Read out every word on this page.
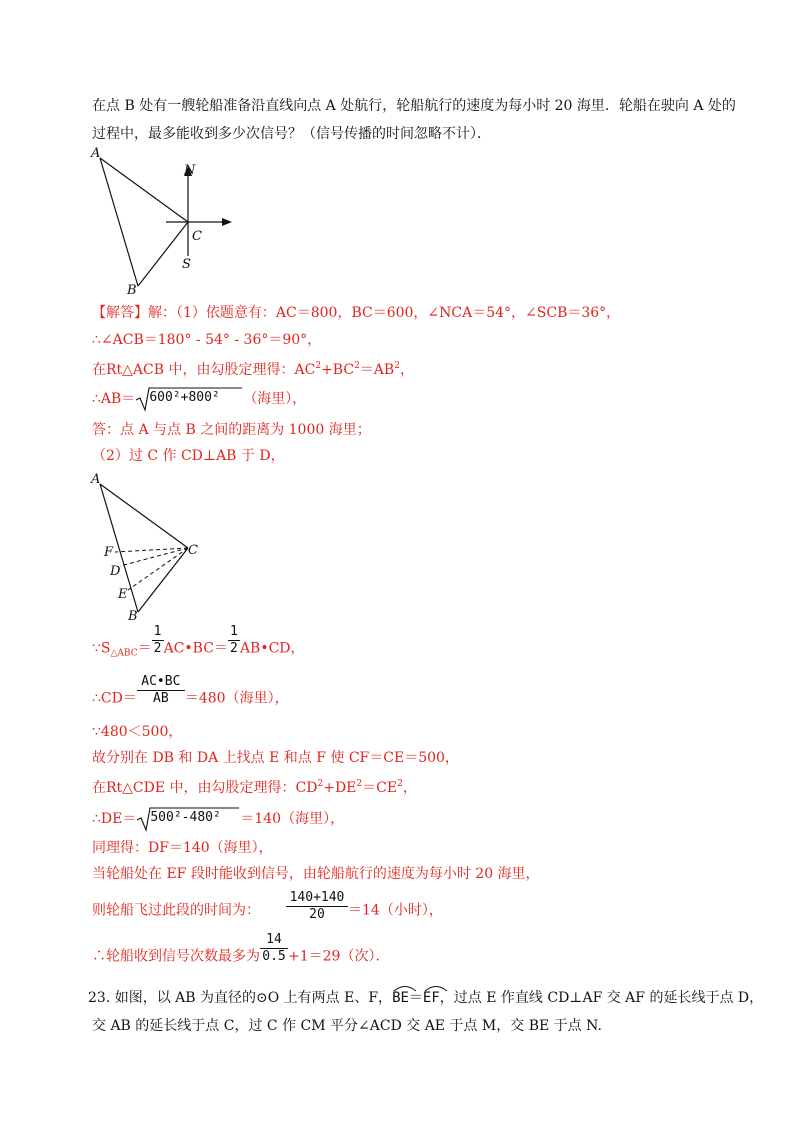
在点 B 处有一艘轮船准备沿直线向点 A 处航行，轮船航行的速度为每小时 20 海里．轮船在驶向 A 处的
过程中，最多能收到多少次信号？（信号传播的时间忽略不计）．
A
B
C
N
S
【解答】解：（1）依题意有：AC＝800，BC＝600，∠NCA＝54°，∠SCB＝36°，
∴∠ACB＝180° - 54° - 36°＝90°，
在Rt△ACB 中，由勾股定理得：$AC^2+BC^2=AB^2$，
∴AB＝ 600²+800² （海里），
答：点 A 与点 B 之间的距离为 1000 海里；
（2）过 C 作 CD⊥AB 于 D，
A
B
C
D
E
F
$\because S_{\triangle ABC}= \frac{1}{2}$ AC•BC＝ $\frac{1}{2}$ AB•CD，
∴CD＝ $\frac{AC•BC}{AB} =480$（海里），
∵480＜500，
故分别在 DB 和 DA 上找点 E 和点 F 使 CF＝CE＝500，
在Rt△CDE 中，由勾股定理得：$CD^2+DE^2=CE^2$，
∴DE＝ 500²-480² ＝140（海里），
同理得：DF＝140（海里），
当轮船处在 EF 段时能收到信号，由轮船航行的速度为每小时 20 海里，
则轮船飞过此段的时间为： $\frac{140+140}{20} =14$（小时），
∴轮船收到信号次数最多为 $\frac{14}{0.5} +1=29$（次）．
23. 如图，以 AB 为直径的⊙O 上有两点 E、F，
BE＝
EF，过点 E 作直线 CD⊥AF 交 AF 的延长线于点 D，
交 AB 的延长线于点 C，过 C 作 CM 平分∠ACD 交 AE 于点 M，交 BE 于点 N.
